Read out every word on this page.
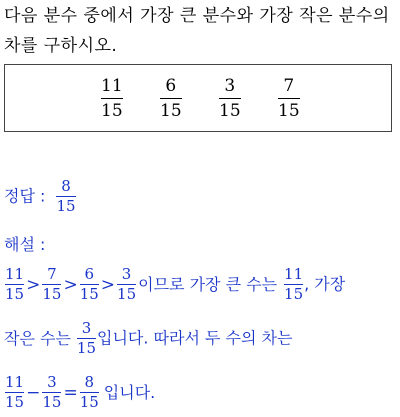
다음 분수 중에서 가장 큰 분수와 가장 작은 분수의
차를 구하시오.
11
15
6
15
3
15
7
15
정답 : $\frac{8}{15}$
해설 :
$\frac{11}{15} > \frac{7}{15} > \frac{6}{15} > \frac{3}{15}$ 이므로 가장 큰 수는 $\frac{11}{15}$ , 가장
작은 수는 $\frac{3}{15}$ 입니다. 따라서 두 수의 차는
$\frac{11}{15} - \frac{3}{15} = \frac{8}{15}$ 입니다.
